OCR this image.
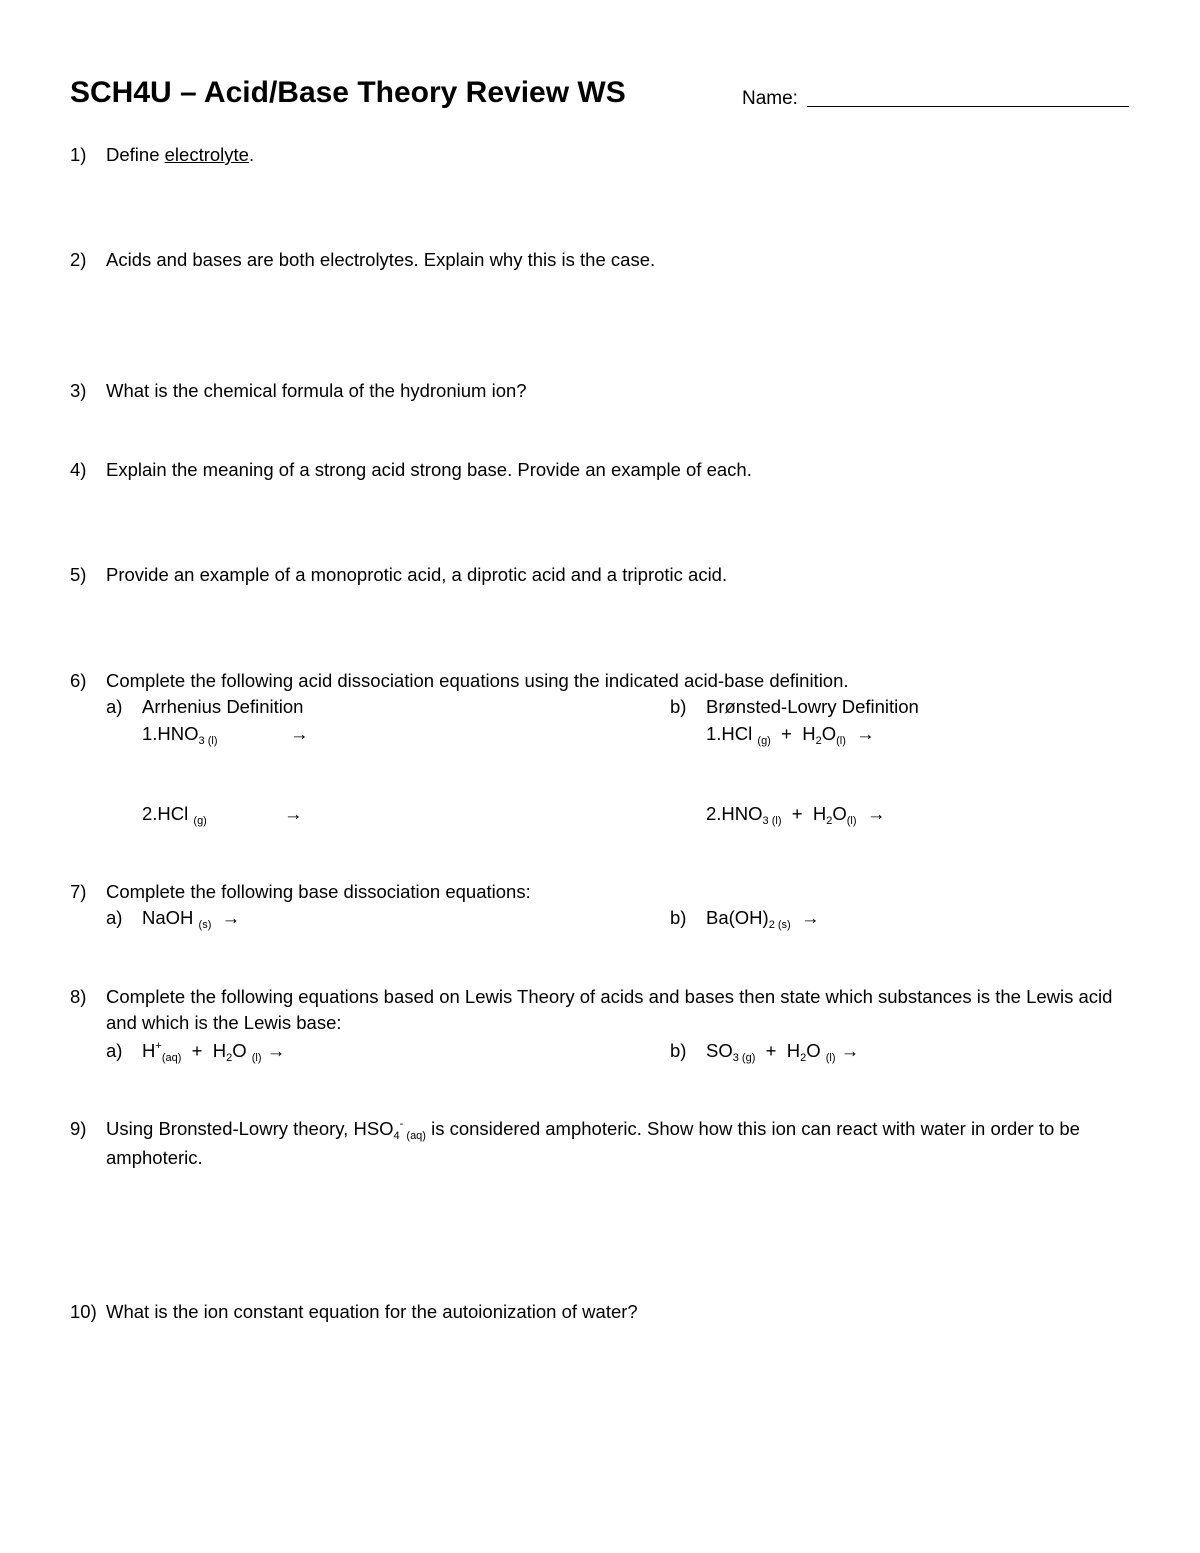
SCH4U – Acid/Base Theory Review WS	Name:
1) Define electrolyte.
2) Acids and bases are both electrolytes. Explain why this is the case.
3) What is the chemical formula of the hydronium ion?
4) Explain the meaning of a strong acid strong base. Provide an example of each.
5) Provide an example of a monoprotic acid, a diprotic acid and a triprotic acid.
6) Complete the following acid dissociation equations using the indicated acid-base definition.
a) Arrhenius Definition	b) Brønsted-Lowry Definition
$1.HNO_3$ $_{(l)}$	→	1.HCl $_{(g)} + H_2O_{(l)}$ →
2.HCl $_{(g)}$	→	$2.HNO_3$ $_{(l)} + H_2O_{(l)}$ →
7) Complete the following base dissociation equations:
a) NaOH $_{(s)}$ →	b) $Ba(OH)_2$ $_{(s)}$ →
8) Complete the following equations based on Lewis Theory of acids and bases then state which substances is the Lewis acid and which is the Lewis base:
a) $H^+_{(aq)} + H_2O$ $_{(l)}$ →	b) $SO_3$ $_{(g)} + H_2O$ $_{(l)}$ →
9) Using Bronsted-Lowry theory, $HSO_4^-$ $_{(aq)}$ is considered amphoteric. Show how this ion can react with water in order to be amphoteric.
10) What is the ion constant equation for the autoionization of water?
